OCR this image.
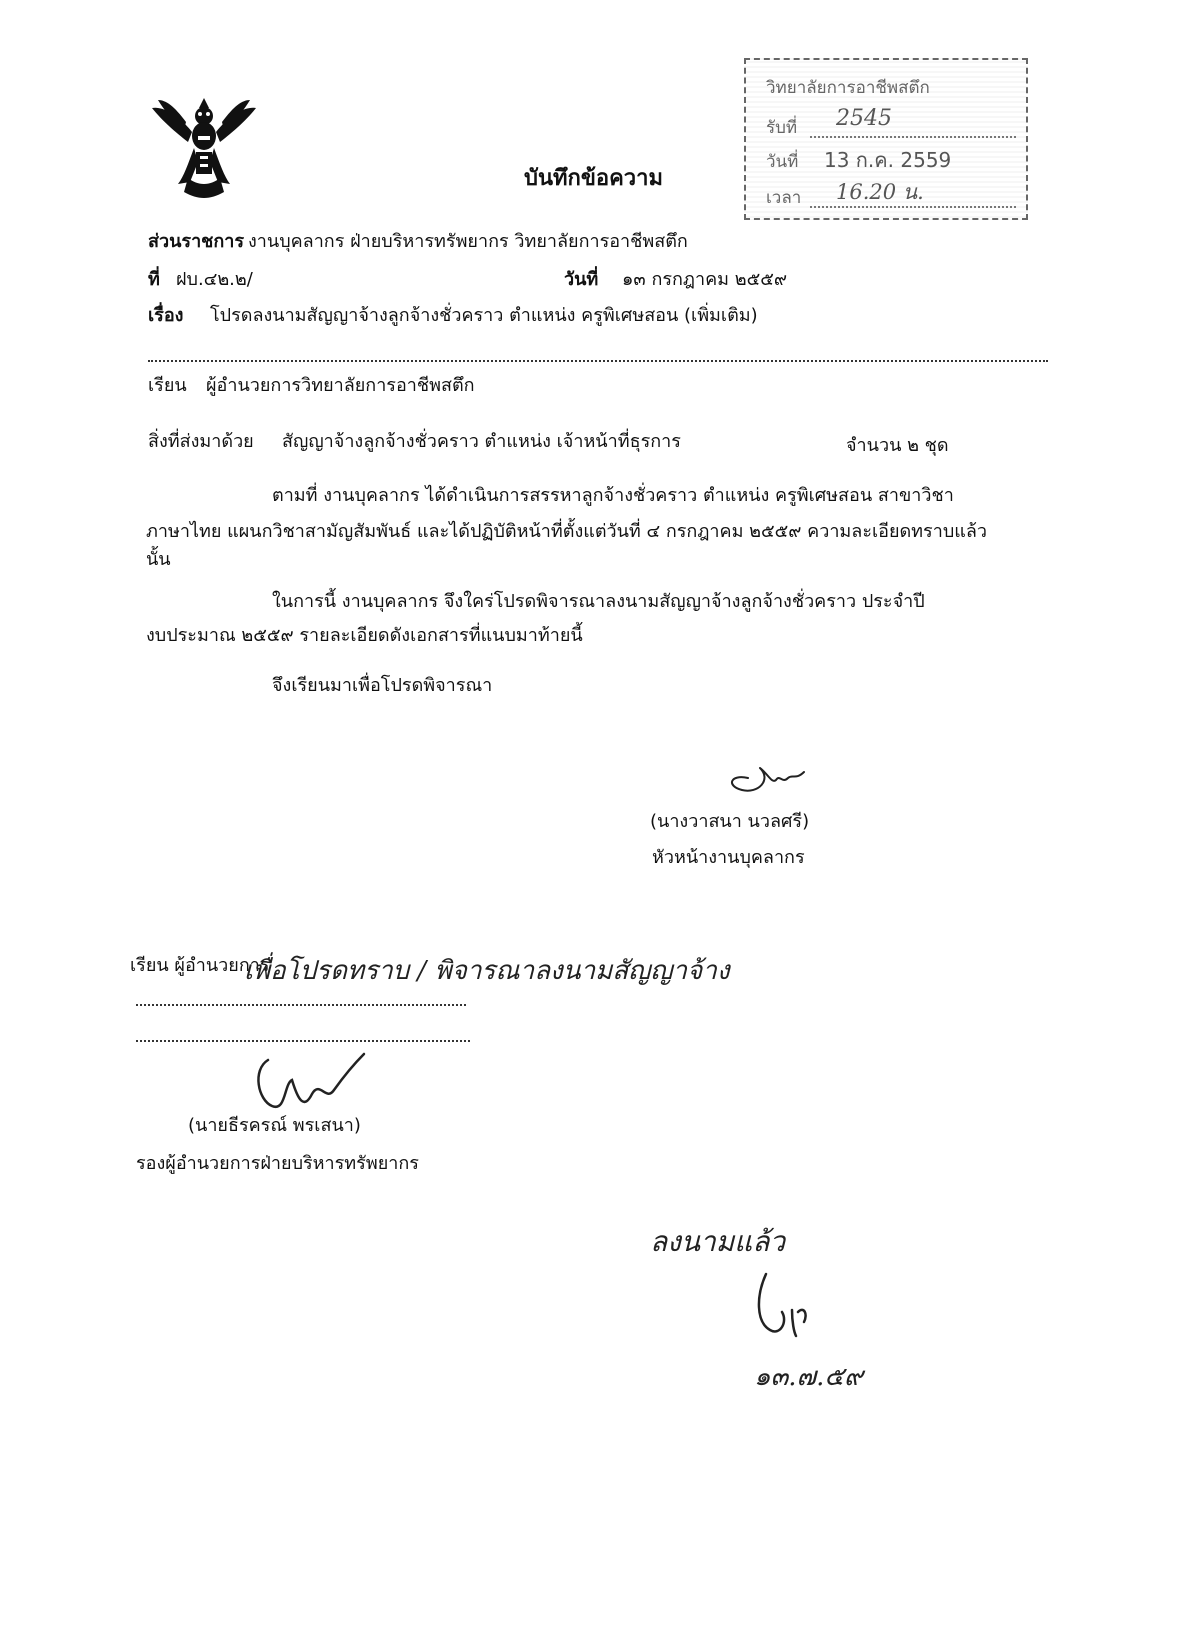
วิทยาลัยการอาชีพสตึก
รับที่ 2545
วันที่ 13 ก.ค. 2559
เวลา 16.20 น.
บันทึกข้อความ
ส่วนราชการ งานบุคลากร ฝ่ายบริหารทรัพยากร วิทยาลัยการอาชีพสตึก
ที่ ฝบ.๔๒.๒/	วันที่ ๑๓ กรกฎาคม ๒๕๕๙
เรื่อง โปรดลงนามสัญญาจ้างลูกจ้างชั่วคราว ตำแหน่ง ครูพิเศษสอน (เพิ่มเติม)
เรียน ผู้อำนวยการวิทยาลัยการอาชีพสตึก
สิ่งที่ส่งมาด้วย สัญญาจ้างลูกจ้างชั่วคราว ตำแหน่ง เจ้าหน้าที่ธุรการ	จำนวน ๒ ชุด
ตามที่ งานบุคลากร ได้ดำเนินการสรรหาลูกจ้างชั่วคราว ตำแหน่ง ครูพิเศษสอน สาขาวิชา
ภาษาไทย แผนกวิชาสามัญสัมพันธ์ และได้ปฏิบัติหน้าที่ตั้งแต่วันที่ ๔ กรกฎาคม ๒๕๕๙ ความละเอียดทราบแล้ว
นั้น
ในการนี้ งานบุคลากร จึงใคร่โปรดพิจารณาลงนามสัญญาจ้างลูกจ้างชั่วคราว ประจำปี
งบประมาณ ๒๕๕๙ รายละเอียดดังเอกสารที่แนบมาท้ายนี้
จึงเรียนมาเพื่อโปรดพิจารณา
(นางวาสนา นวลศรี)
หัวหน้างานบุคลากร
เรียน ผู้อำนวยการ
เพื่อโปรดทราบ / พิจารณาลงนามสัญญาจ้าง
(นายธีรครณ์ พรเสนา)
รองผู้อำนวยการฝ่ายบริหารทรัพยากร
ลงนามแล้ว
๑๓.๗.๕๙
